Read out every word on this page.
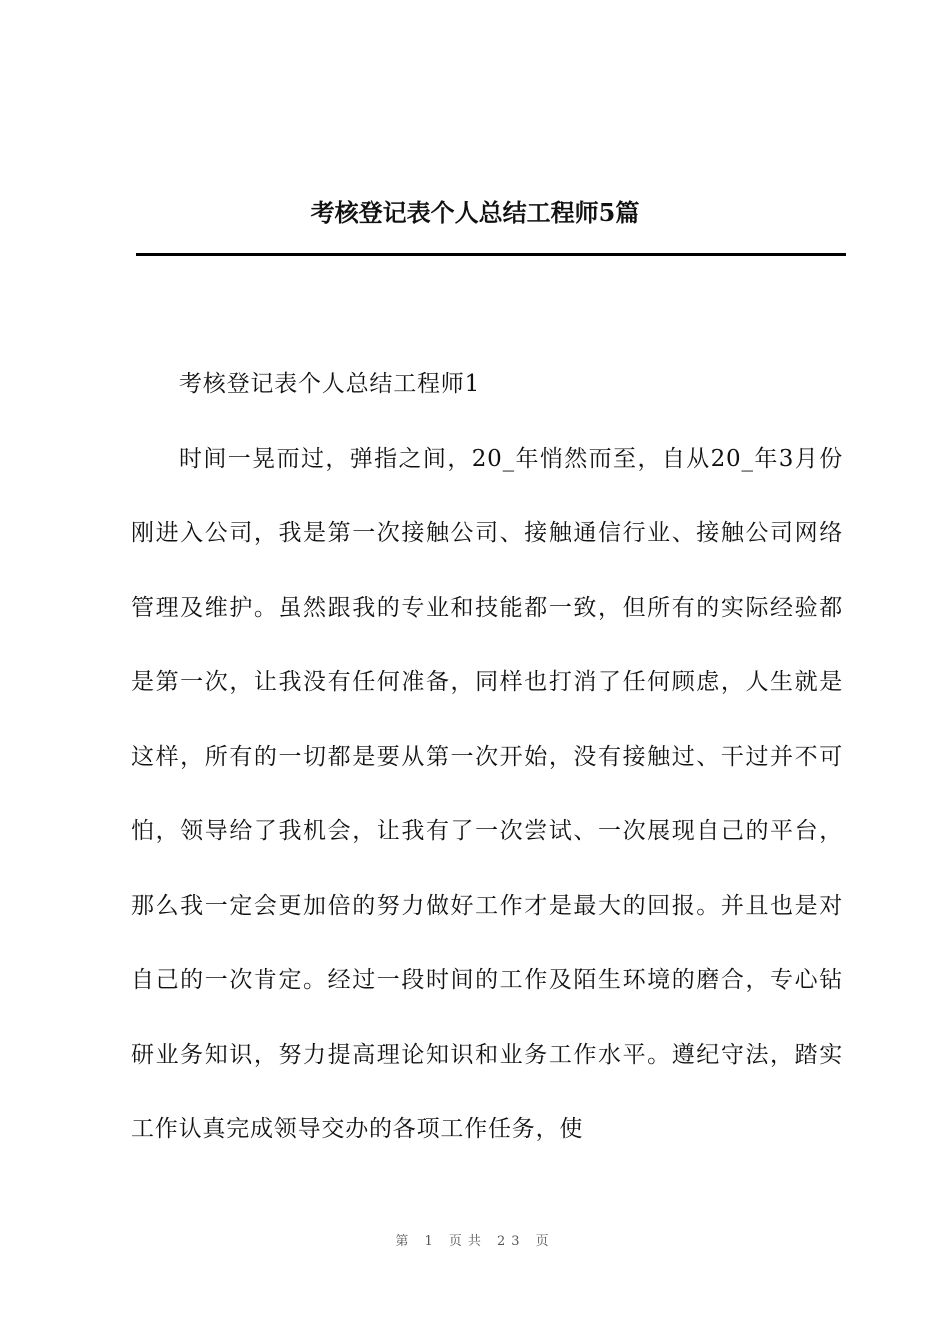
考核登记表个人总结工程师5篇

考核登记表个人总结工程师1

时间一晃而过，弹指之间，20_年悄然而至，自从20_年3月份刚进入公司，我是第一次接触公司、接触通信行业、接触公司网络管理及维护。虽然跟我的专业和技能都一致，但所有的实际经验都是第一次，让我没有任何准备，同样也打消了任何顾虑，人生就是这样，所有的一切都是要从第一次开始，没有接触过、干过并不可怕，领导给了我机会，让我有了一次尝试、一次展现自己的平台，那么我一定会更加倍的努力做好工作才是最大的回报。并且也是对自己的一次肯定。经过一段时间的工作及陌生环境的磨合，专心钻研业务知识，努力提高理论知识和业务工作水平。遵纪守法，踏实工作认真完成领导交办的各项工作任务，使

第 1 页共 23 页
